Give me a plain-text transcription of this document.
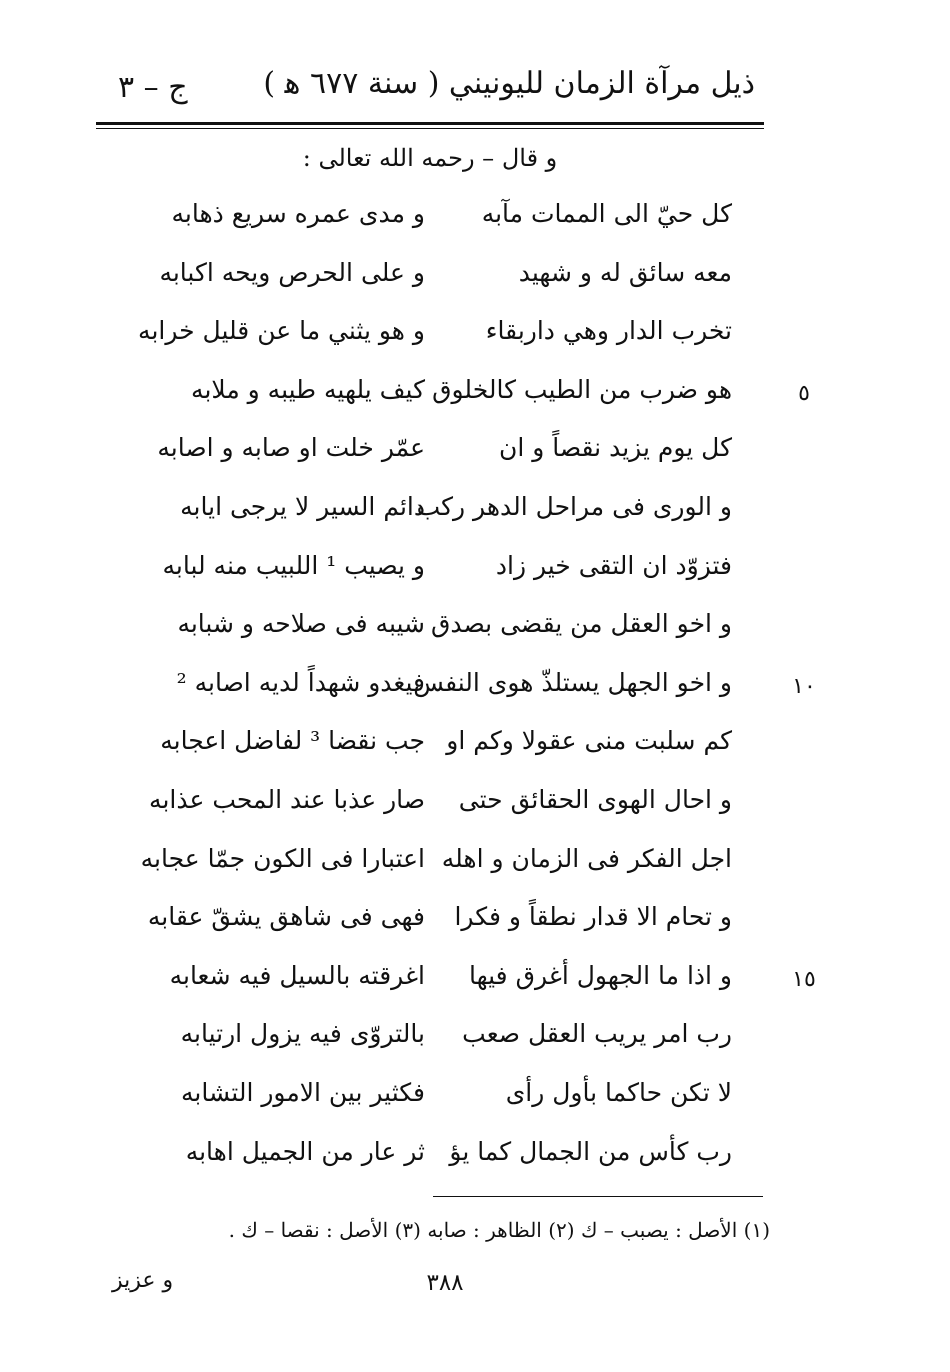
ذيل مرآة الزمان لليونيني ( سنة ٦٧٧ ﻫ )
ج – ٣
و قال – رحمه الله تعالى :
كل حيّ الى الممات مآبه
و مدى عمره سريع ذهابه
معه سائق له و شهيد
و على الحرص ويحه اكبابه
تخرب الدار وهي داربقاء
و هو يثني ما عن قليل خرابه
٥
هو ضرب من الطيب كالخلوق
كيف يلهيه طيبه و ملابه
كل يوم يزيد نقصاً و ان
عمّر خلت او صابه و اصابه
و الورى فى مراحل الدهر ركب
دائم السير لا يرجى ايابه
فتزوّد ان التقى خير زاد
و يصيب ¹ اللبيب منه لبابه
و اخو العقل من يقضى بصدق
شيبه فى صلاحه و شبابه
١٠
و اخو الجهل يستلذّ هوى النفس
فيغدو شهداً لديه اصابه ²
كم سلبت منى عقولا وكم او
جب نقضا ³ لفاضل اعجابه
و احال الهوى الحقائق حتى
صار عذبا عند المحب عذابه
اجل الفكر فى الزمان و اهله
اعتبارا فى الكون جمّا عجابه
و تحام الا قدار نطقاً و فكرا
فهى فى شاهق يشقّ عقابه
١٥
و اذا ما الجهول أغرق فيها
اغرقته بالسيل فيه شعابه
رب امر يريب العقل صعب
بالتروّى فيه يزول ارتيابه
لا تكن حاكما بأول رأى
فكثير بين الامور التشابه
رب كأس من الجمال كما يؤ
ثر عار من الجميل اهابه
(١) الأصل : يصبب – ك (٢) الظاهر : صابه (٣) الأصل : نقصا – ك .
٣٨٨
و عزيز
